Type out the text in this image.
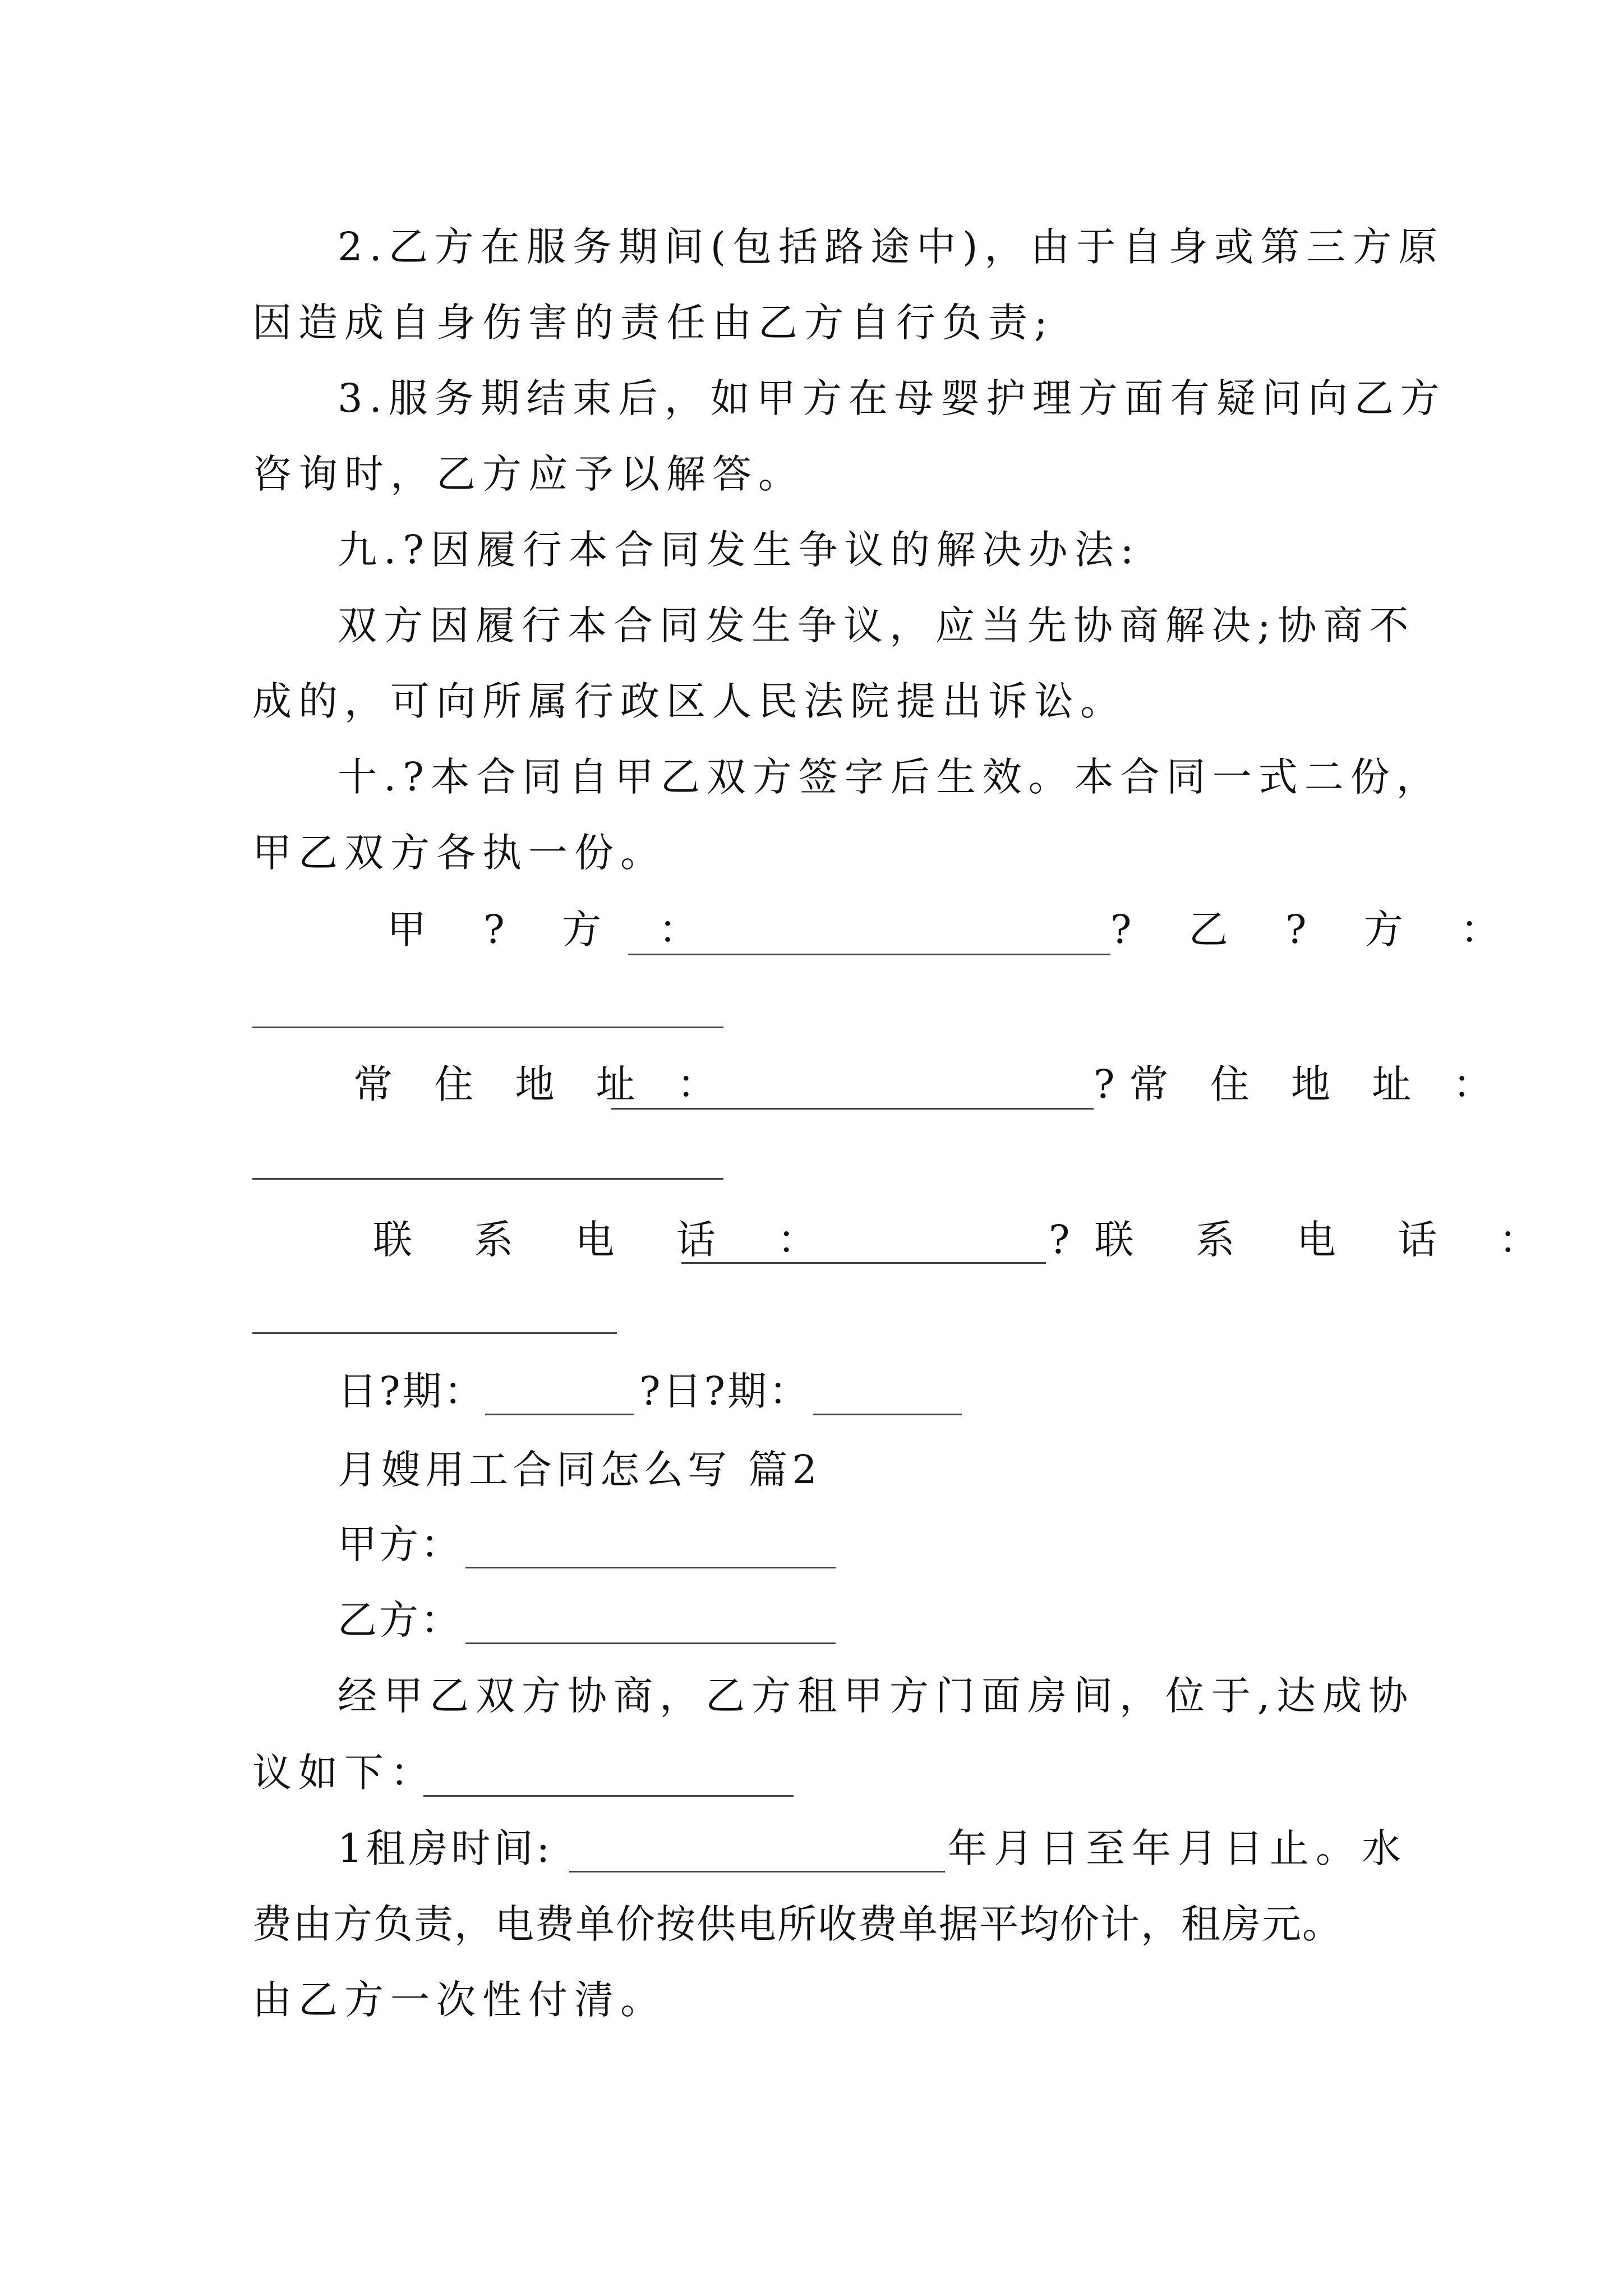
2.乙方在服务期间(包括路途中)，由于自身或第三方原
因造成自身伤害的责任由乙方自行负责;
3.服务期结束后，如甲方在母婴护理方面有疑问向乙方
咨询时，乙方应予以解答。
九.?因履行本合同发生争议的解决办法:
双方因履行本合同发生争议，应当先协商解决;协商不
成的，可向所属行政区人民法院提出诉讼。
十.?本合同自甲乙双方签字后生效。本合同一式二份，
甲乙双方各执一份。
甲 ? 方 ：	? 乙 ? 方 ：
常 住 地 址 ：	?常 住 地 址 ：
联 系 电 话 ：	?联 系 电 话 ：
日?期：	?日?期：
月嫂用工合同怎么写 篇2
甲方：
乙方：
经甲乙双方协商，乙方租甲方门面房间，位于,达成协
议如下：
1租房时间:	年月日至年月日止。水
费由方负责，电费单价按供电所收费单据平均价计，租房元。
由乙方一次性付清。
